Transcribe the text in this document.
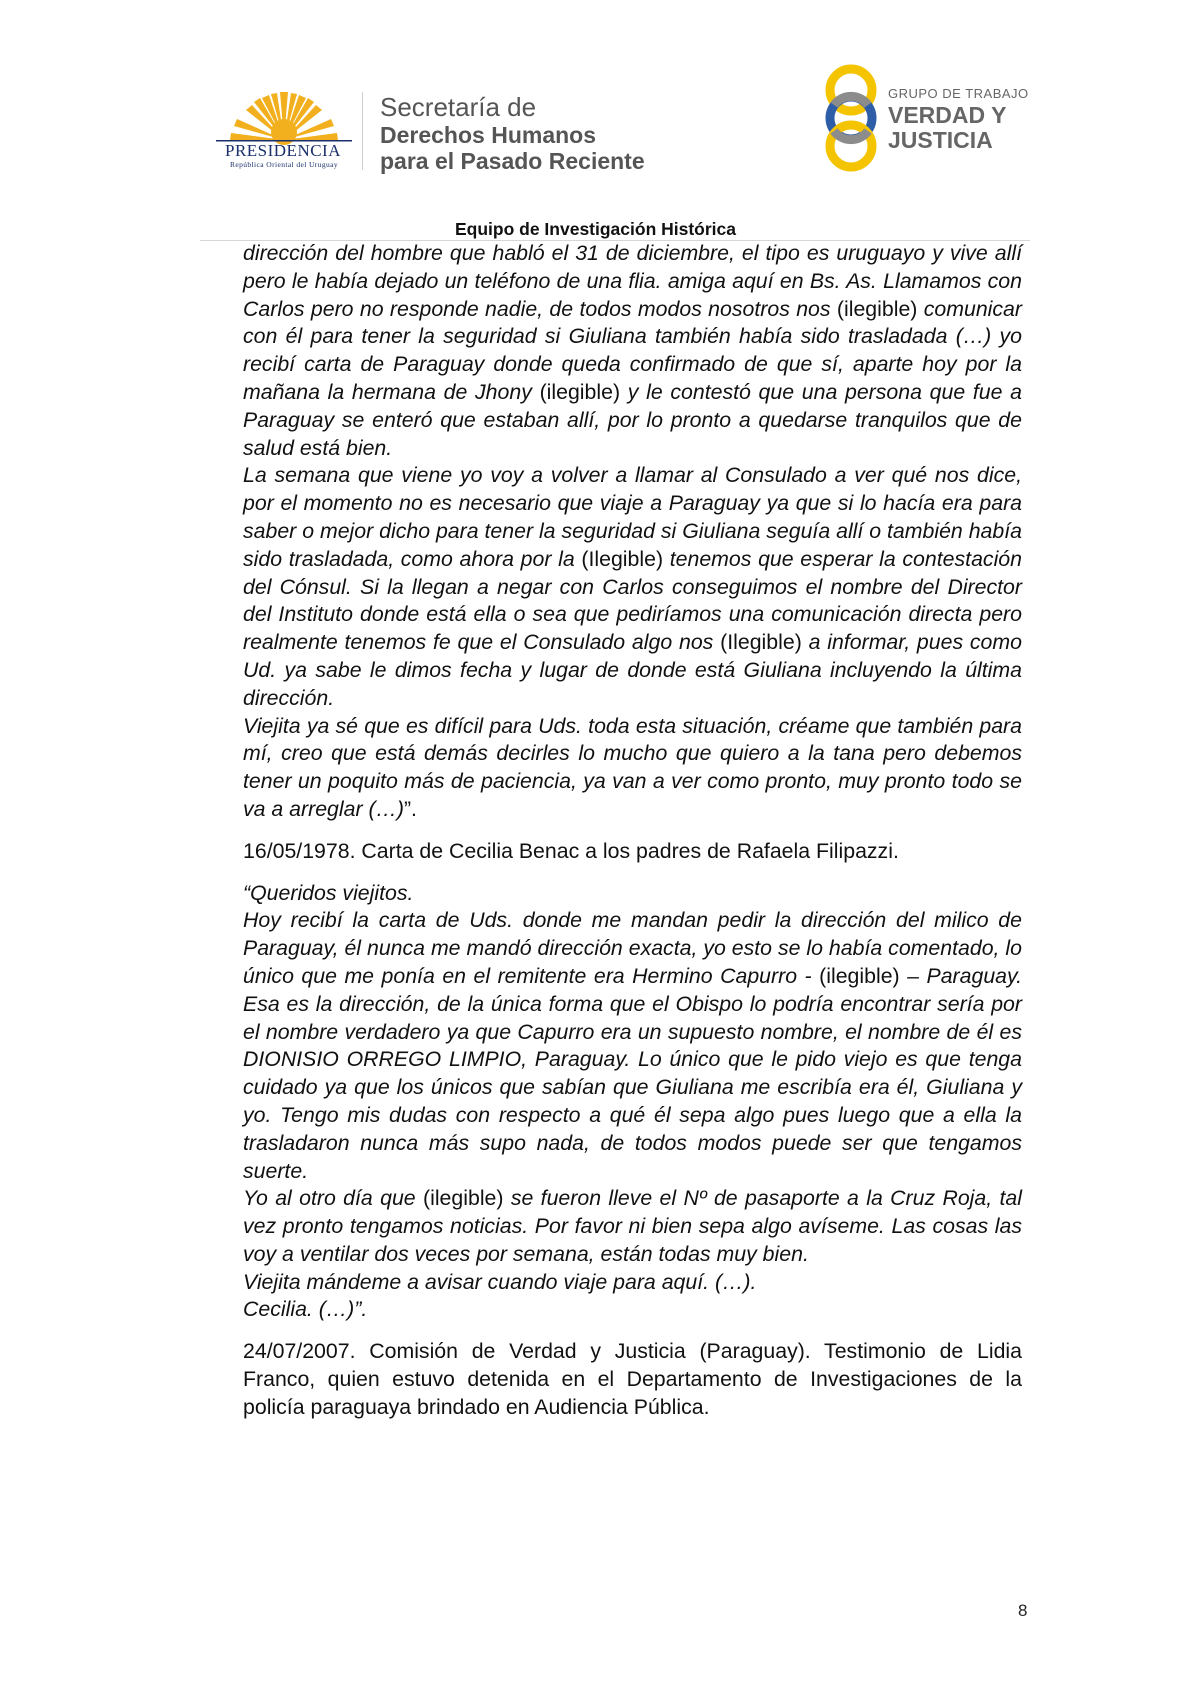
PRESIDENCIA
República Oriental del Uruguay
Secretaría de
Derechos Humanos
para el Pasado Reciente
GRUPO DE TRABAJO
VERDAD Y
JUSTICIA
Equipo de Investigación Histórica

dirección del hombre que habló el 31 de diciembre, el tipo es uruguayo y vive allí pero le había dejado un teléfono de una flia. amiga aquí en Bs. As. Llamamos con Carlos pero no responde nadie, de todos modos nosotros nos (ilegible) comunicar con él para tener la seguridad si Giuliana también había sido trasladada (…) yo recibí carta de Paraguay donde queda confirmado de que sí, aparte hoy por la mañana la hermana de Jhony (ilegible) y le contestó que una persona que fue a Paraguay se enteró que estaban allí, por lo pronto a quedarse tranquilos que de salud está bien.

La semana que viene yo voy a volver a llamar al Consulado a ver qué nos dice, por el momento no es necesario que viaje a Paraguay ya que si lo hacía era para saber o mejor dicho para tener la seguridad si Giuliana seguía allí o también había sido trasladada, como ahora por la (Ilegible) tenemos que esperar la contestación del Cónsul. Si la llegan a negar con Carlos conseguimos el nombre del Director del Instituto donde está ella o sea que pediríamos una comunicación directa pero realmente tenemos fe que el Consulado algo nos (Ilegible) a informar, pues como Ud. ya sabe le dimos fecha y lugar de donde está Giuliana incluyendo la última dirección.

Viejita ya sé que es difícil para Uds. toda esta situación, créame que también para mí, creo que está demás decirles lo mucho que quiero a la tana pero debemos tener un poquito más de paciencia, ya van a ver como pronto, muy pronto todo se va a arreglar (…)”.

16/05/1978. Carta de Cecilia Benac a los padres de Rafaela Filipazzi.

“Queridos viejitos.

Hoy recibí la carta de Uds. donde me mandan pedir la dirección del milico de Paraguay, él nunca me mandó dirección exacta, yo esto se lo había comentado, lo único que me ponía en el remitente era Hermino Capurro - (ilegible) – Paraguay. Esa es la dirección, de la única forma que el Obispo lo podría encontrar sería por el nombre verdadero ya que Capurro era un supuesto nombre, el nombre de él es DIONISIO ORREGO LIMPIO, Paraguay. Lo único que le pido viejo es que tenga cuidado ya que los únicos que sabían que Giuliana me escribía era él, Giuliana y yo. Tengo mis dudas con respecto a qué él sepa algo pues luego que a ella la trasladaron nunca más supo nada, de todos modos puede ser que tengamos suerte.

Yo al otro día que (ilegible) se fueron lleve el Nº de pasaporte a la Cruz Roja, tal vez pronto tengamos noticias. Por favor ni bien sepa algo avíseme. Las cosas las voy a ventilar dos veces por semana, están todas muy bien.

Viejita mándeme a avisar cuando viaje para aquí. (…).

Cecilia. (…)”.

24/07/2007. Comisión de Verdad y Justicia (Paraguay). Testimonio de Lidia Franco, quien estuvo detenida en el Departamento de Investigaciones de la policía paraguaya brindado en Audiencia Pública.

8
